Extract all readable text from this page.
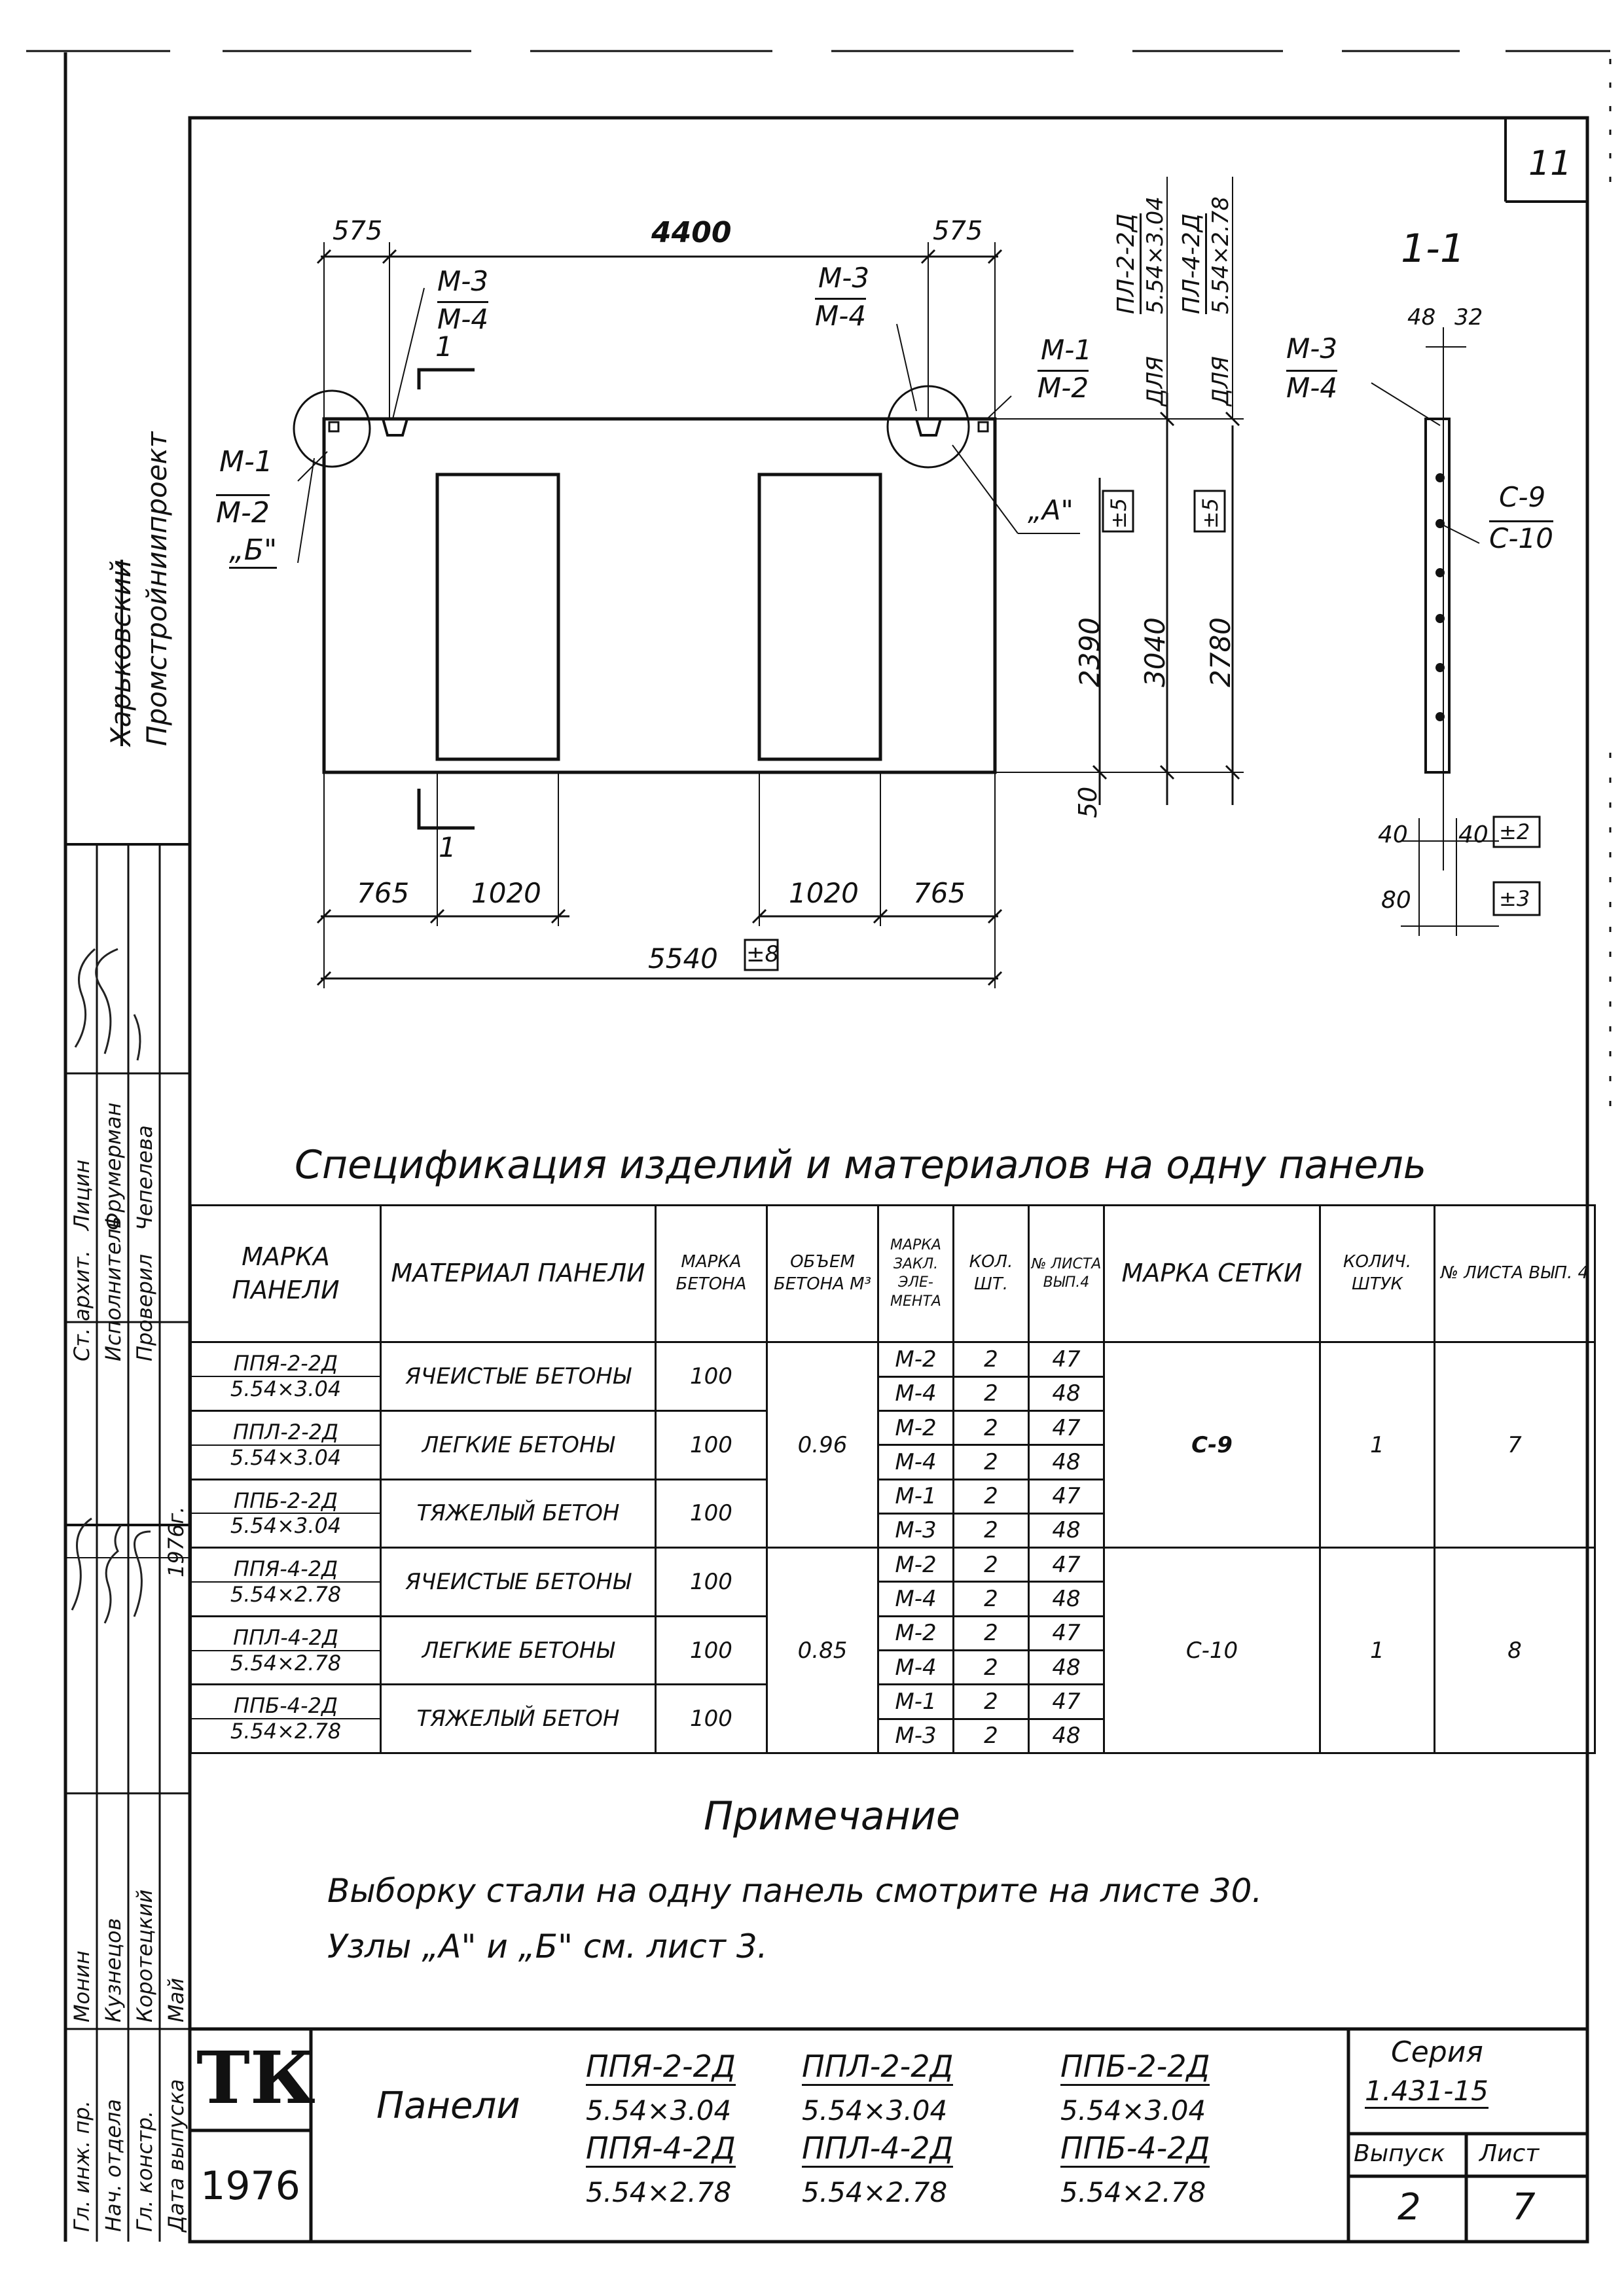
11
575	4400	575
М-3
М-4
1
М-3
М-4
М-1
М-2
„А"
М-1
М-2
„Б"
1
765 1020	1020 765
5540 ±8
2390 3040 2780
50
±5	±5
ПЛ-2-2Д 5.54×3.04
ДЛЯ
ПЛ-4-2Д 5.54×2.78
ДЛЯ
1-1
48 32
М-3
М-4
С-9
С-10
40 40 ±2
80	±3
Спецификация изделий и материалов на одну панель
МАРКА ПАНЕЛИ	МАТЕРИАЛ ПАНЕЛИ	МАРКА БЕТОНА	ОБЪЕМ БЕТОНА М³	МАРКА ЗАКЛ. ЭЛЕ-МЕНТА	КОЛ. ШТ.	№ ЛИСТА ВЫП.4	МАРКА СЕТКИ	КОЛИЧ. ШТУК	№ ЛИСТА ВЫП. 4

ППЯ-2-2Д
5.54×3.04	ЯЧЕИСТЫЕ БЕТОНЫ	100	0.96	М-2	2	47	С-9	1	7
				М-4	2	48			

ППЛ-2-2Д
5.54×3.04	ЛЕГКИЕ БЕТОНЫ	100		М-2	2	47			
				М-4	2	48			

ППБ-2-2Д
5.54×3.04	ТЯЖЕЛЫЙ БЕТОН	100		М-1	2	47			
				М-3	2	48			

ППЯ-4-2Д
5.54×2.78	ЯЧЕИСТЫЕ БЕТОНЫ	100	0.85	М-2	2	47	С-10	1	8
				М-4	2	48			

ППЛ-4-2Д
5.54×2.78	ЛЕГКИЕ БЕТОНЫ	100		М-2	2	47			
				М-4	2	48			

ППБ-4-2Д
5.54×2.78	ТЯЖЕЛЫЙ БЕТОН	100		М-1	2	47			
				М-3	2	48			
Примечание
Выборку стали на одну панель смотрите на листе 30.
Узлы „А" и „Б" см. лист 3.
ТК
1976
Панели
ППЯ-2-2Д
5.54×3.04
ППЛ-2-2Д
5.54×3.04
ППБ-2-2Д
5.54×3.04
ППЯ-4-2Д
5.54×2.78
ППЛ-4-2Д
5.54×2.78
ППБ-4-2Д
5.54×2.78
Серия
1.431-15
Выпуск Лист
2 7
Харьковский Промстройниипроект
Гл. инж. пр. Нач. отдела Гл. констр. Дата выпуска
Ст. архит. Исполнитель Проверил
Монин Кузнецов Коротецкий Май
Лицин Фрумерман Чепелева
1976г.
